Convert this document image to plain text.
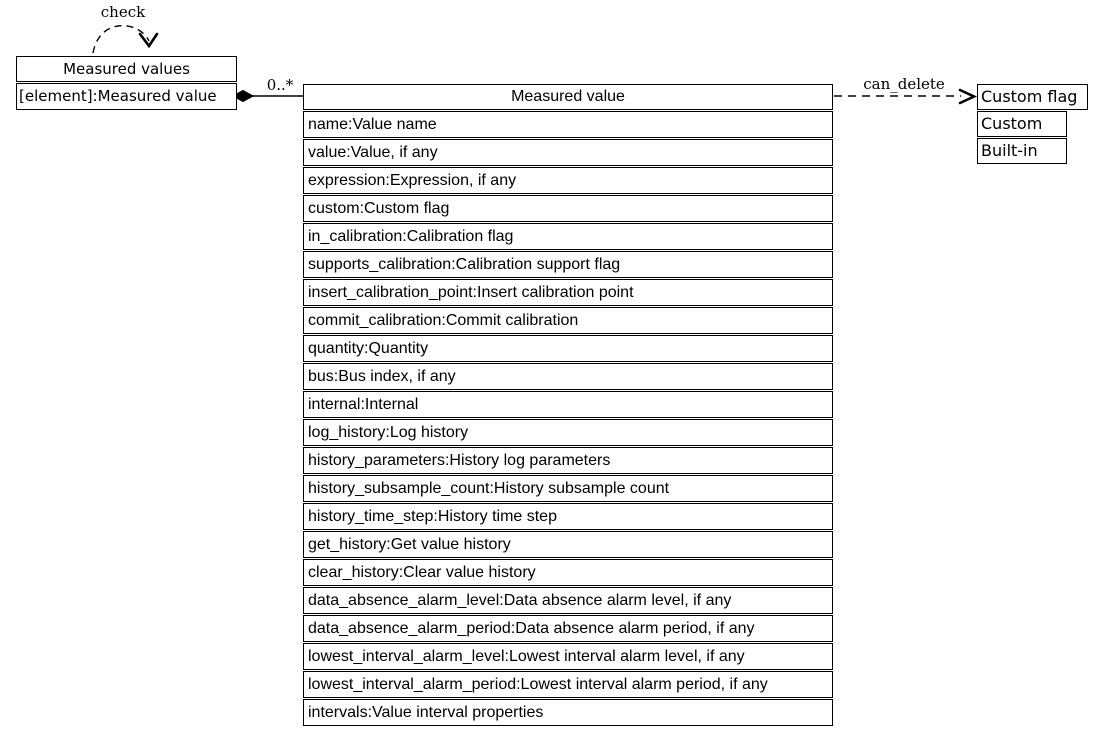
check
0..*	can_delete
Measured values
[element]:Measured value	Measured value
name:Value name
value:Value, if any
expression:Expression, if any
custom:Custom flag
in_calibration:Calibration flag
supports_calibration:Calibration support flag
insert_calibration_point:Insert calibration point
commit_calibration:Commit calibration
quantity:Quantity
bus:Bus index, if any
internal:Internal
log_history:Log history
history_parameters:History log parameters
history_subsample_count:History subsample count
history_time_step:History time step
get_history:Get value history
clear_history:Clear value history
data_absence_alarm_level:Data absence alarm level, if any
data_absence_alarm_period:Data absence alarm period, if any
lowest_interval_alarm_level:Lowest interval alarm level, if any
lowest_interval_alarm_period:Lowest interval alarm period, if any
intervals:Value interval properties
Custom flag
Custom
Built-in
